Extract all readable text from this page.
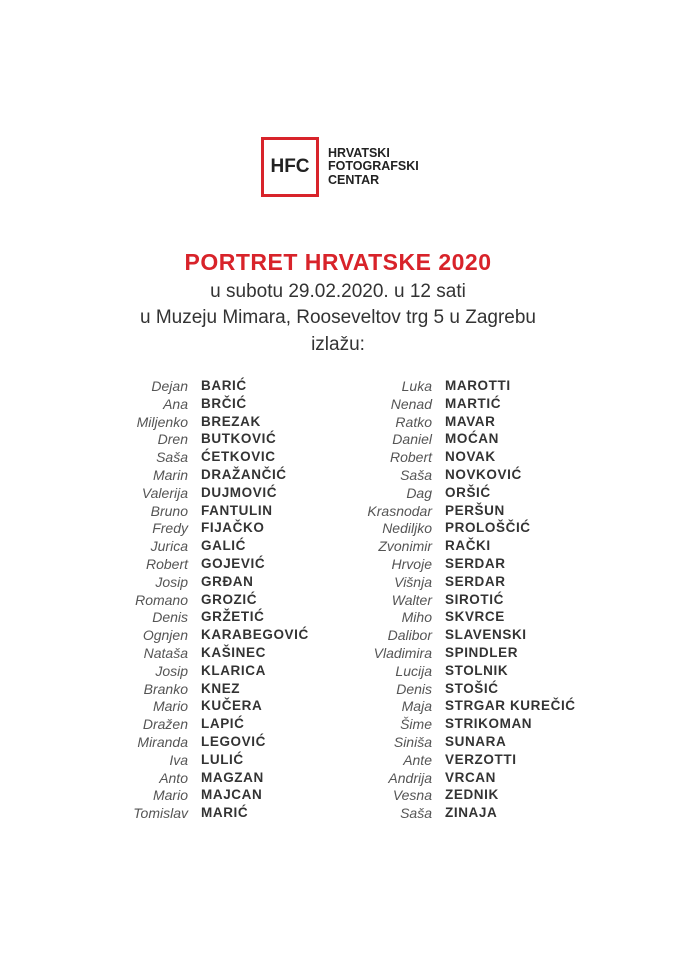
HFC
HRVATSKI
FOTOGRAFSKI
CENTAR
PORTRET HRVATSKE 2020
u subotu 29.02.2020. u 12 sati
u Muzeju Mimara, Rooseveltov trg 5 u Zagrebu
izlažu:
Dejan BARIĆ
Ana BRČIĆ
Miljenko BREZAK
Dren BUTKOVIĆ
Saša ĆETKOVIC
Marin DRAŽANČIĆ
Valerija DUJMOVIĆ
Bruno FANTULIN
Fredy FIJAČKO
Jurica GALIĆ
Robert GOJEVIĆ
Josip GRĐAN
Romano GROZIĆ
Denis GRŽETIĆ
Ognjen KARABEGOVIĆ
Nataša KAŠINEC
Josip KLARICA
Branko KNEZ
Mario KUČERA
Dražen LAPIĆ
Miranda LEGOVIĆ
Iva LULIĆ
Anto MAGZAN
Mario MAJCAN
Tomislav MARIĆ
Luka MAROTTI
Nenad MARTIĆ
Ratko MAVAR
Daniel MOĆAN
Robert NOVAK
Saša NOVKOVIĆ
Dag ORŠIĆ
Krasnodar PERŠUN
Nediljko PROLOŠČIĆ
Zvonimir RAČKI
Hrvoje SERDAR
Višnja SERDAR
Walter SIROTIĆ
Miho SKVRCE
Dalibor SLAVENSKI
Vladimira SPINDLER
Lucija STOLNIK
Denis STOŠIĆ
Maja STRGAR KUREČIĆ
Šime STRIKOMAN
Siniša SUNARA
Ante VERZOTTI
Andrija VRCAN
Vesna ZEDNIK
Saša ZINAJA
